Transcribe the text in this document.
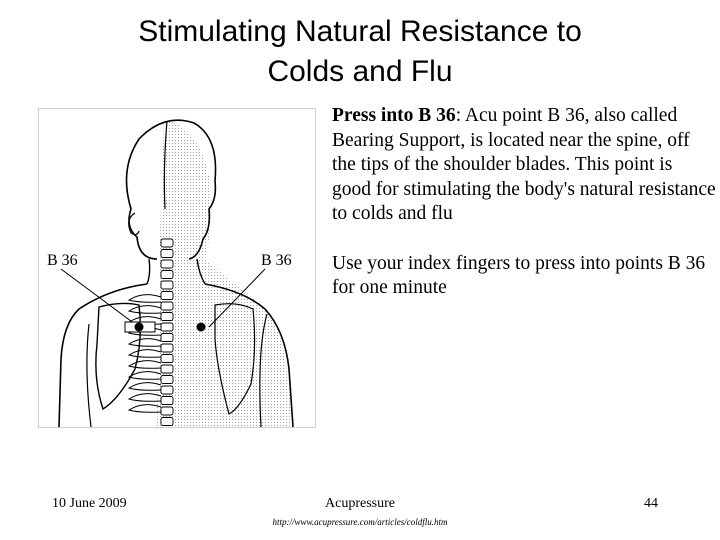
Stimulating Natural Resistance to
Colds and Flu
B 36	B 36

Press into B 36: Acu point B 36, also called Bearing Support, is located near the spine, off the tips of the shoulder blades. This point is good for stimulating the body's natural resistance to colds and flu

Use your index fingers to press into points B 36 for one minute

10 June 2009	Acupressure	44
http://www.acupressure.com/articles/coldflu.htm
